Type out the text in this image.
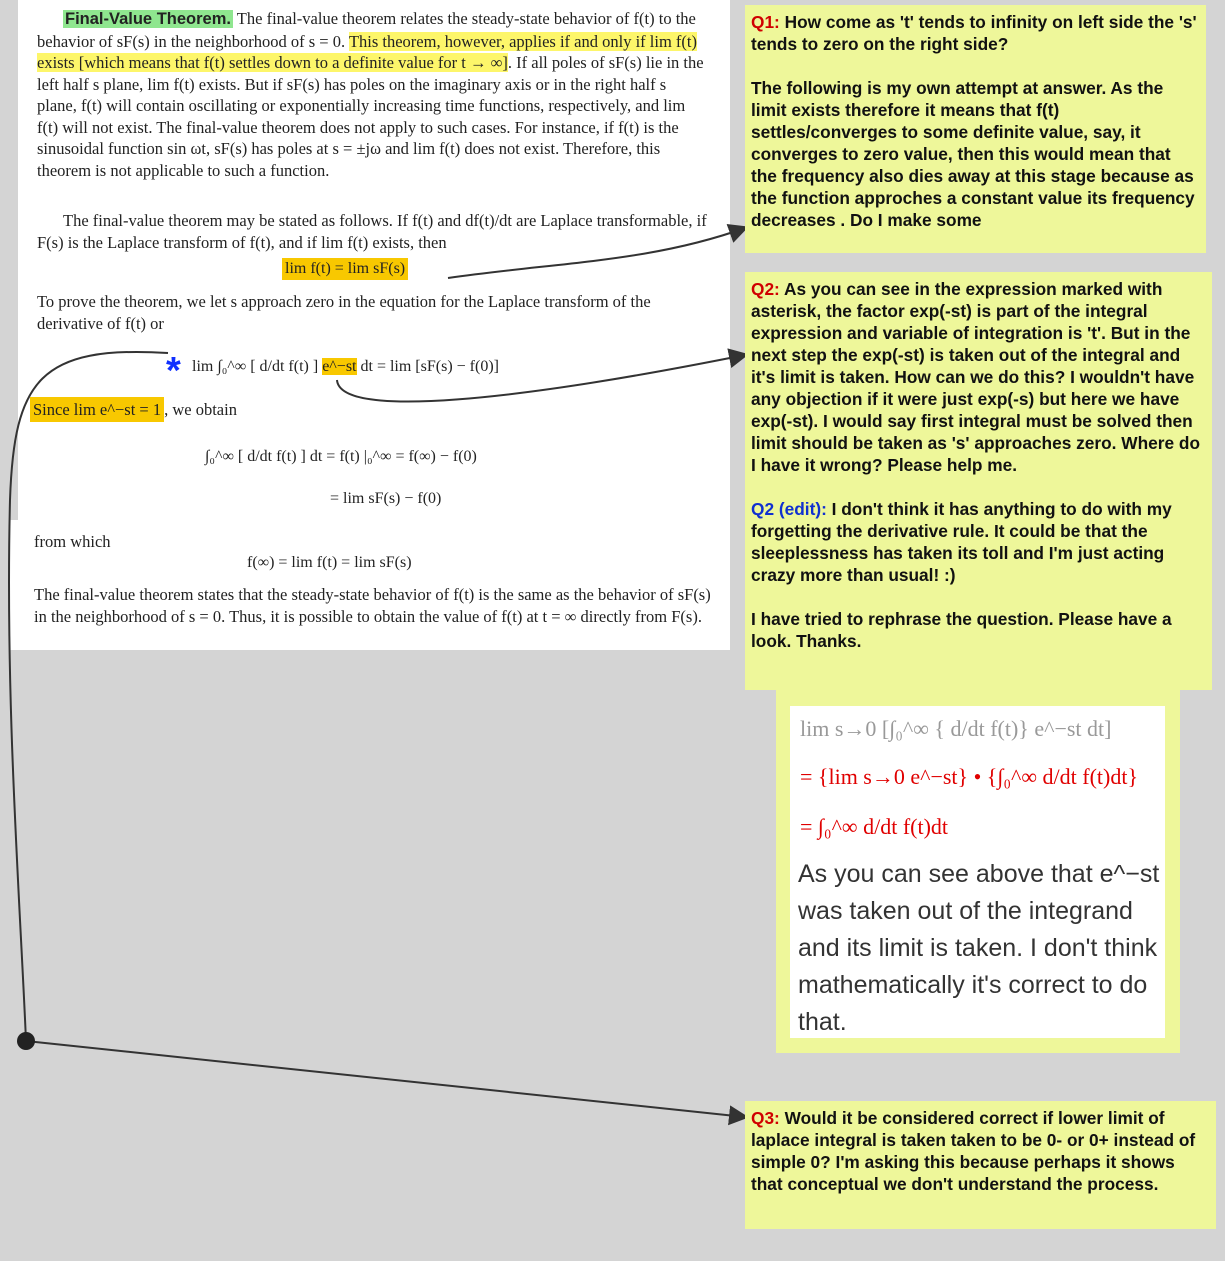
Final-Value Theorem. The final-value theorem relates the steady-state behavior of f(t) to the behavior of sF(s) in the neighborhood of s = 0. This theorem, however, applies if and only if lim f(t) exists [which means that f(t) settles down to a definite value for t → ∞]. If all poles of sF(s) lie in the left half s plane, lim f(t) exists. But if sF(s) has poles on the imaginary axis or in the right half s plane, f(t) will contain oscillating or exponentially increasing time functions, respectively, and lim f(t) will not exist. The final-value theorem does not apply to such cases. For instance, if f(t) is the sinusoidal function sin ωt, sF(s) has poles at s = ±jω and lim f(t) does not exist. Therefore, this theorem is not applicable to such a function.
The final-value theorem may be stated as follows. If f(t) and df(t)/dt are Laplace transformable, if F(s) is the Laplace transform of f(t), and if lim f(t) exists, then
lim f(t) = lim sF(s)
To prove the theorem, we let s approach zero in the equation for the Laplace transform of the derivative of f(t) or
* lim ∫₀^∞ [ d/dt f(t) ] e^−st dt = lim [sF(s) − f(0)]
Since lim e^−st = 1 , we obtain
∫₀^∞ [ d/dt f(t) ] dt = f(t) |₀^∞ = f(∞) − f(0)
= lim sF(s) − f(0)
from which
f(∞) = lim f(t) = lim sF(s)
The final-value theorem states that the steady-state behavior of f(t) is the same as the behavior of sF(s) in the neighborhood of s = 0. Thus, it is possible to obtain the value of f(t) at t = ∞ directly from F(s).
Q1: How come as 't' tends to infinity on left side the 's' tends to zero on the right side?
The following is my own attempt at answer. As the limit exists therefore it means that f(t) settles/converges to some definite value, say, it converges to zero value, then this would mean that the frequency also dies away at this stage because as the function approches a constant value its frequency decreases . Do I make some
Q2: As you can see in the expression marked with asterisk, the factor exp(-st) is part of the integral expression and variable of integration is 't'. But in the next step the exp(-st) is taken out of the integral and it's limit is taken. How can we do this? I wouldn't have any objection if it were just exp(-s) but here we have exp(-st). I would say first integral must be solved then limit should be taken as 's' approaches zero. Where do I have it wrong? Please help me.
Q2 (edit): I don't think it has anything to do with my forgetting the derivative rule. It could be that the sleeplessness has taken its toll and I'm just acting crazy more than usual! :)
I have tried to rephrase the question. Please have a look. Thanks.
lim s→0 [∫₀^∞ { d/dt f(t)} e^−st dt]
= {lim s→0 e^−st} • {∫₀^∞ d/dt f(t)dt}
= ∫₀^∞ d/dt f(t)dt
As you can see above that e^−st was taken out of the integrand and its limit is taken. I don't think mathematically it's correct to do that.
Q3: Would it be considered correct if lower limit of laplace integral is taken taken to be 0- or 0+ instead of simple 0? I'm asking this because perhaps it shows that conceptual we don't understand the process.
